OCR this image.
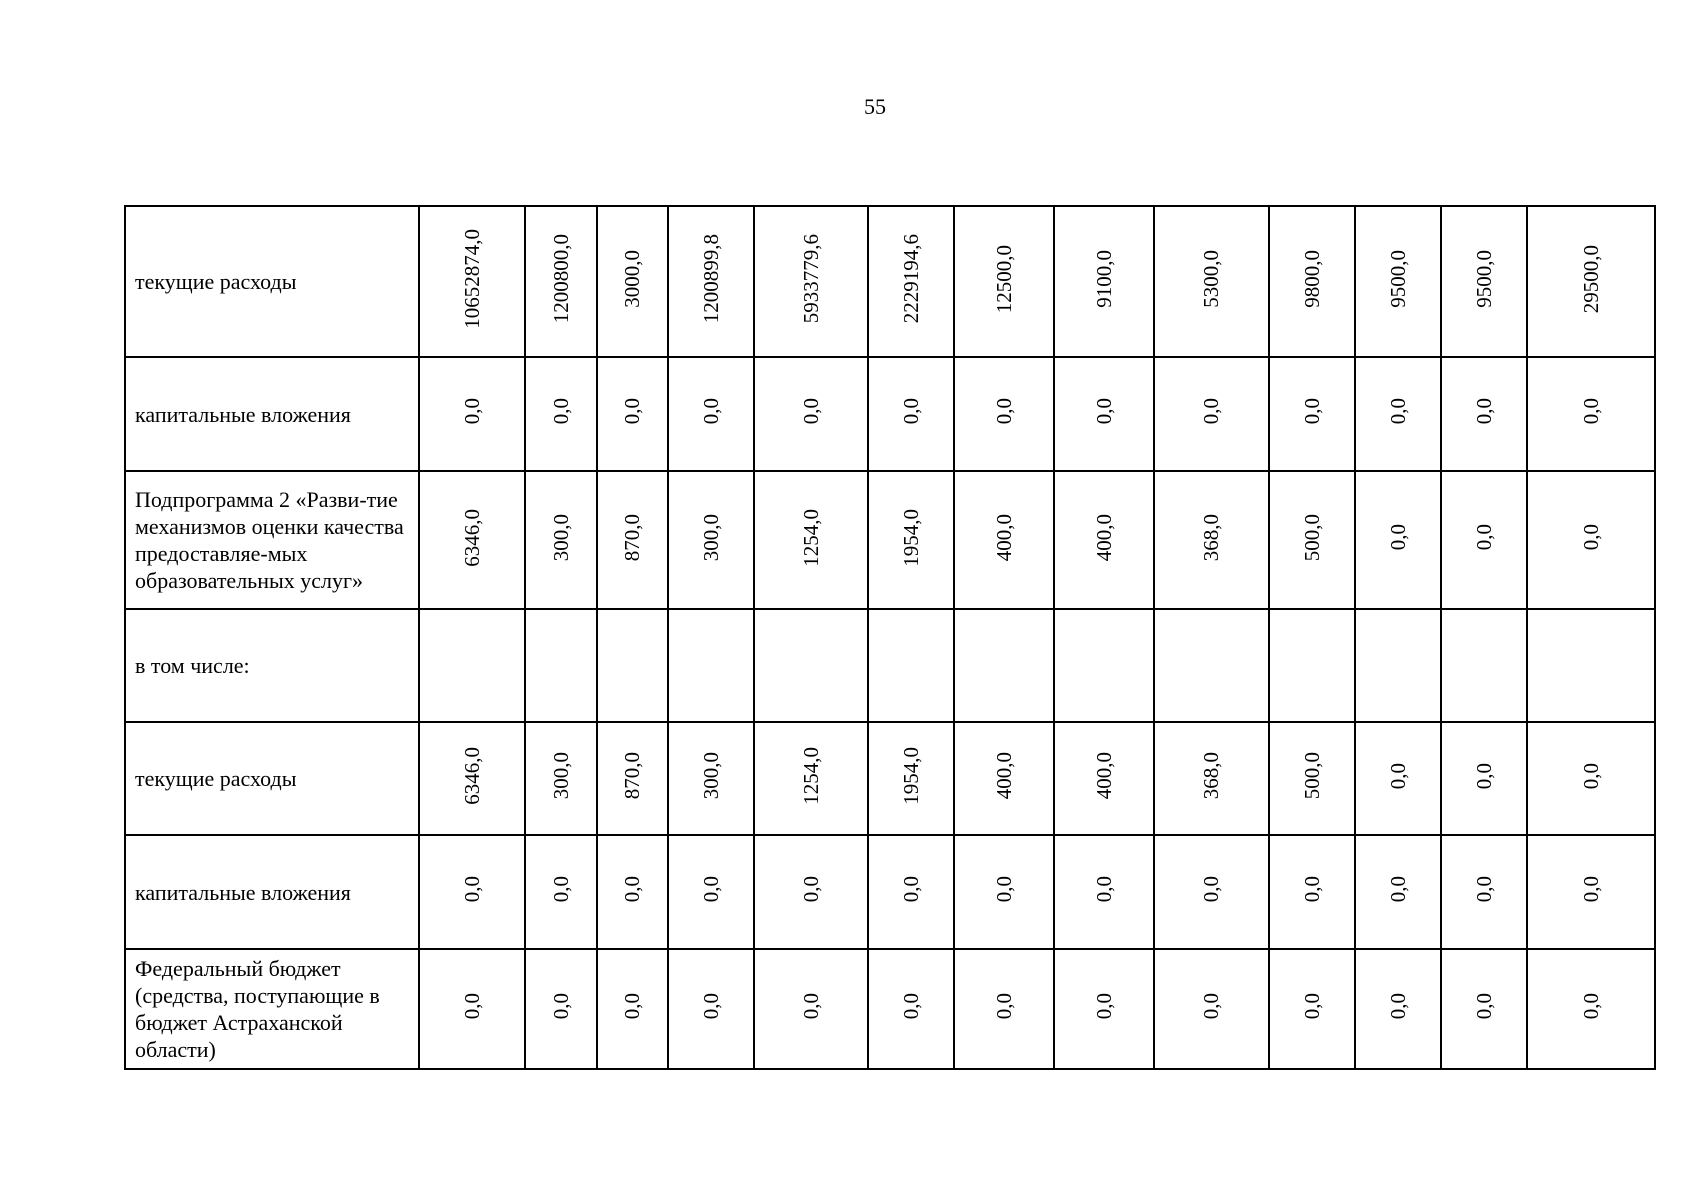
55
текущие расходы	10652874,0	1200800,0	3000,0	1200899,8	5933779,6	2229194,6	12500,0	9100,0	5300,0	9800,0	9500,0	9500,0	29500,0
капитальные вложения	0,0	0,0	0,0	0,0	0,0	0,0	0,0	0,0	0,0	0,0	0,0	0,0	0,0
Подпрограмма 2 «Разви-тие механизмов оценки качества предоставляе-мых образовательных услуг»	6346,0	300,0	870,0	300,0	1254,0	1954,0	400,0	400,0	368,0	500,0	0,0	0,0	0,0
в том числе:													
текущие расходы	6346,0	300,0	870,0	300,0	1254,0	1954,0	400,0	400,0	368,0	500,0	0,0	0,0	0,0
капитальные вложения	0,0	0,0	0,0	0,0	0,0	0,0	0,0	0,0	0,0	0,0	0,0	0,0	0,0
Федеральный бюджет (средства, поступающие в бюджет Астраханской области)	0,0	0,0	0,0	0,0	0,0	0,0	0,0	0,0	0,0	0,0	0,0	0,0	0,0
